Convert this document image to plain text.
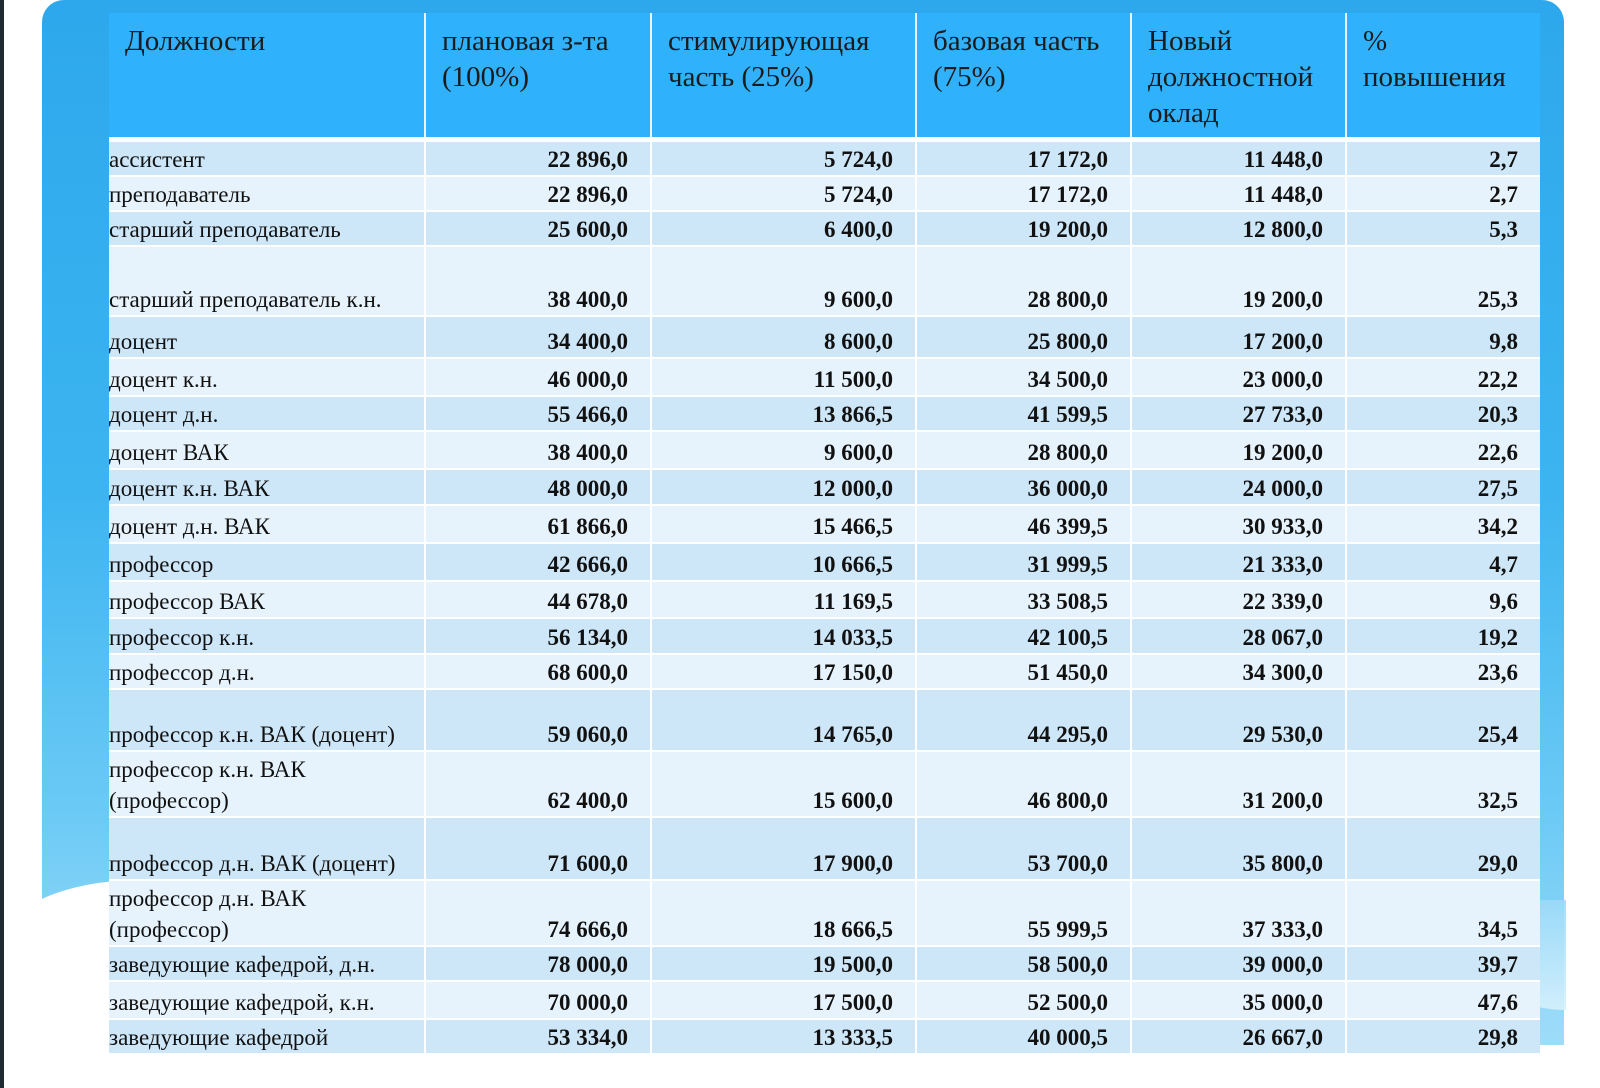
Должности	плановая з-та (100%)	стимулирующая часть (25%)	базовая часть (75%)	Новый должностной оклад	% повышения
ассистент	22 896,0	5 724,0	17 172,0	11 448,0	2,7
преподаватель	22 896,0	5 724,0	17 172,0	11 448,0	2,7
старший преподаватель	25 600,0	6 400,0	19 200,0	12 800,0	5,3
старший преподаватель к.н.	38 400,0	9 600,0	28 800,0	19 200,0	25,3
доцент	34 400,0	8 600,0	25 800,0	17 200,0	9,8
доцент к.н.	46 000,0	11 500,0	34 500,0	23 000,0	22,2
доцент д.н.	55 466,0	13 866,5	41 599,5	27 733,0	20,3
доцент ВАК	38 400,0	9 600,0	28 800,0	19 200,0	22,6
доцент к.н. ВАК	48 000,0	12 000,0	36 000,0	24 000,0	27,5
доцент д.н. ВАК	61 866,0	15 466,5	46 399,5	30 933,0	34,2
профессор	42 666,0	10 666,5	31 999,5	21 333,0	4,7
профессор ВАК	44 678,0	11 169,5	33 508,5	22 339,0	9,6
профессор к.н.	56 134,0	14 033,5	42 100,5	28 067,0	19,2
профессор д.н.	68 600,0	17 150,0	51 450,0	34 300,0	23,6
профессор к.н. ВАК (доцент)	59 060,0	14 765,0	44 295,0	29 530,0	25,4
профессор к.н. ВАК (профессор)	62 400,0	15 600,0	46 800,0	31 200,0	32,5
профессор д.н. ВАК (доцент)	71 600,0	17 900,0	53 700,0	35 800,0	29,0
профессор д.н. ВАК (профессор)	74 666,0	18 666,5	55 999,5	37 333,0	34,5
заведующие кафедрой, д.н.	78 000,0	19 500,0	58 500,0	39 000,0	39,7
заведующие кафедрой, к.н.	70 000,0	17 500,0	52 500,0	35 000,0	47,6
заведующие кафедрой	53 334,0	13 333,5	40 000,5	26 667,0	29,8
